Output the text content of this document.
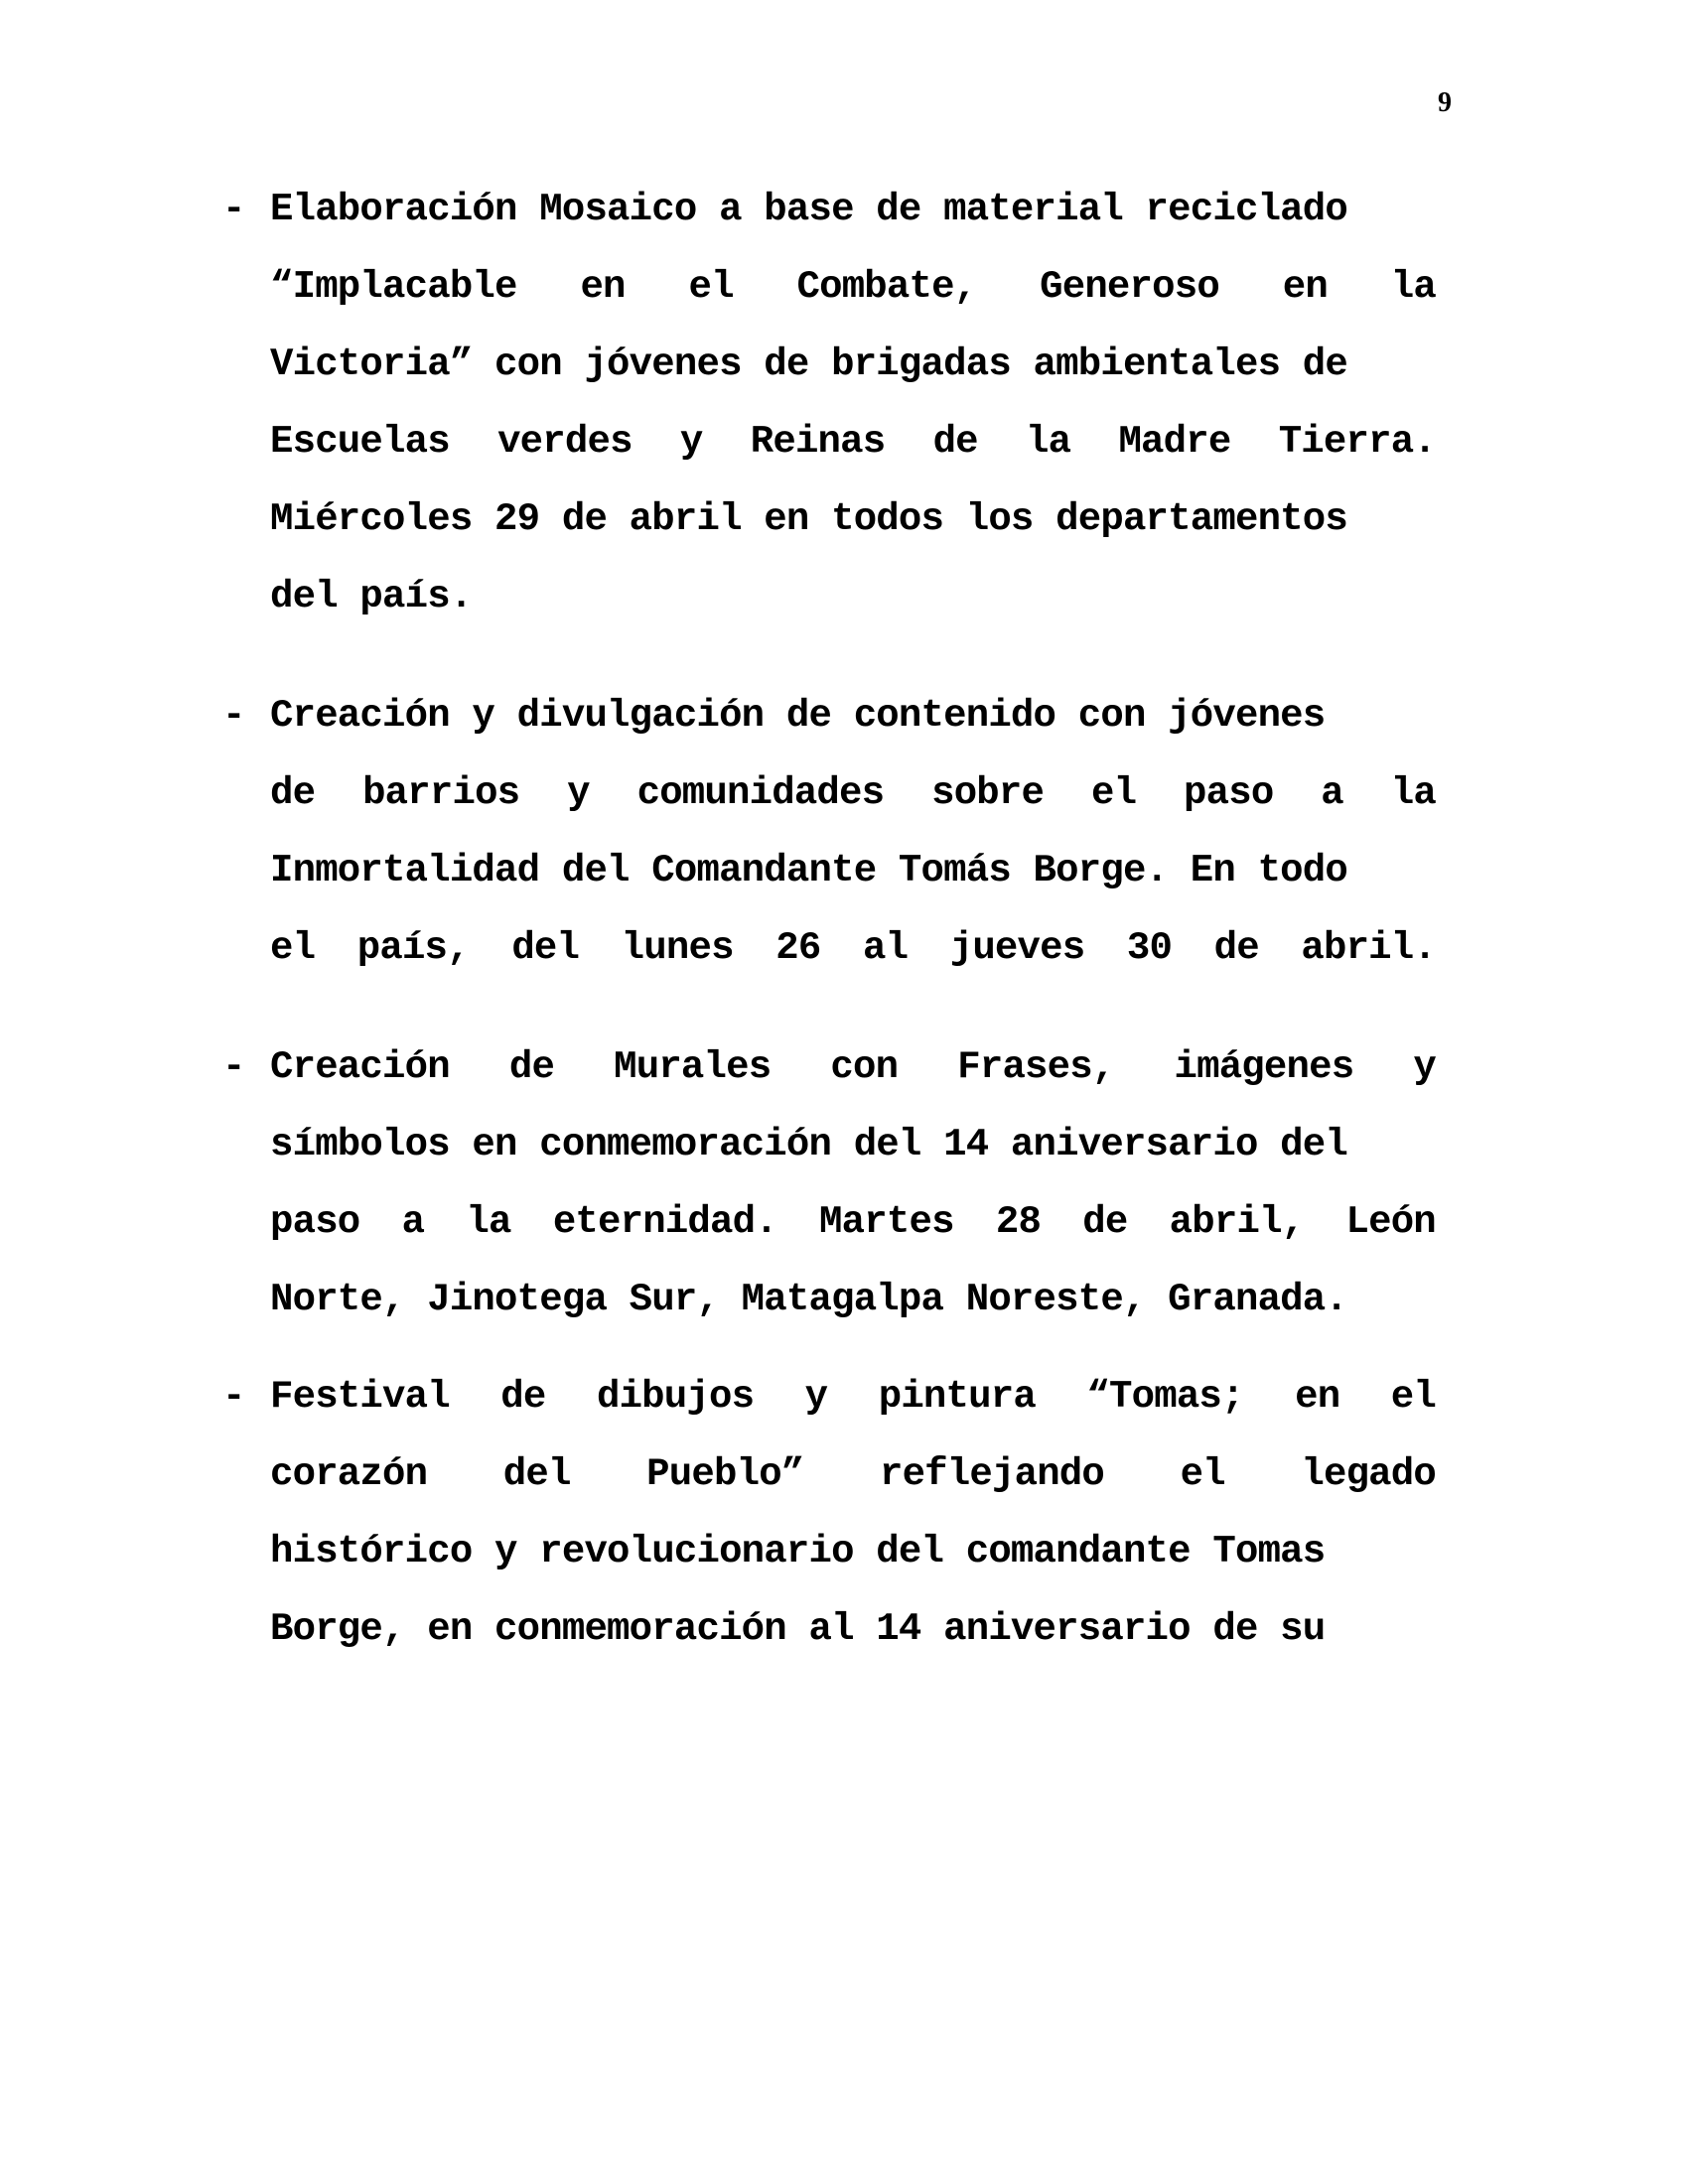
9
- Elaboración Mosaico a base de material reciclado
“Implacable en el Combate, Generoso en la
Victoria” con jóvenes de brigadas ambientales de
Escuelas verdes y Reinas de la Madre Tierra.
Miércoles 29 de abril en todos los departamentos
del país.
- Creación y divulgación de contenido con jóvenes
de barrios y comunidades sobre el paso a la
Inmortalidad del Comandante Tomás Borge. En todo
el país, del lunes 26 al jueves 30 de abril.
- Creación de Murales con Frases, imágenes y
símbolos en conmemoración del 14 aniversario del
paso a la eternidad. Martes 28 de abril, León
Norte, Jinotega Sur, Matagalpa Noreste, Granada.
- Festival de dibujos y pintura “Tomas; en el
corazón del Pueblo” reflejando el legado
histórico y revolucionario del comandante Tomas
Borge, en conmemoración al 14 aniversario de su
